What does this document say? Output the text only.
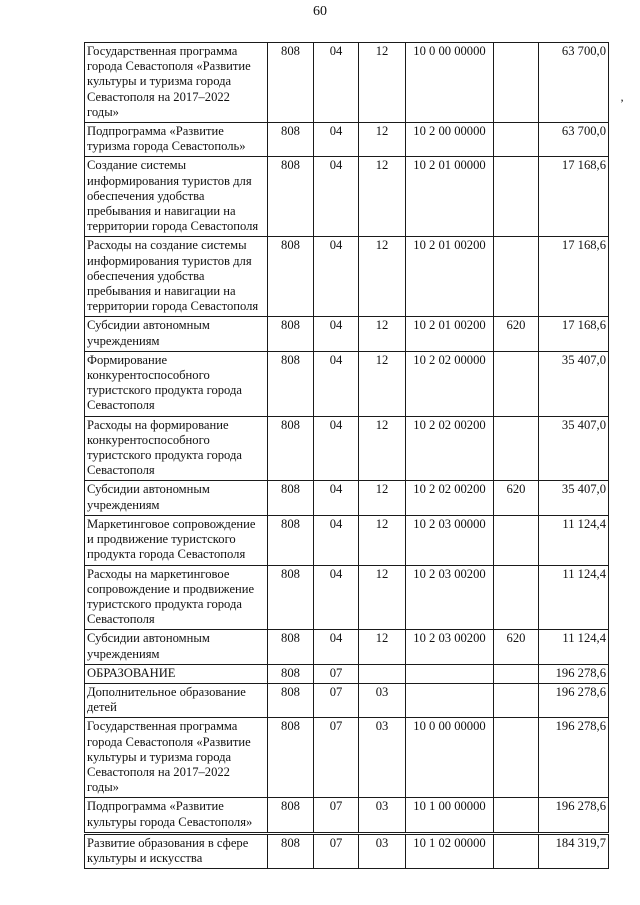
60
’
Государственная программа города Севастополя «Развитие культуры и туризма города Севастополя на 2017–2022 годы»	808	04	12	10 0 00 00000		63 700,0
Подпрограмма «Развитие туризма города Севастополь»	808	04	12	10 2 00 00000		63 700,0
Создание системы информирования туристов для обеспечения удобства пребывания и навигации на территории города Севастополя	808	04	12	10 2 01 00000		17 168,6
Расходы на создание системы информирования туристов для обеспечения удобства пребывания и навигации на территории города Севастополя	808	04	12	10 2 01 00200		17 168,6
Субсидии автономным учреждениям	808	04	12	10 2 01 00200	620	17 168,6
Формирование конкурентоспособного туристского продукта города Севастополя	808	04	12	10 2 02 00000		35 407,0
Расходы на формирование конкурентоспособного туристского продукта города Севастополя	808	04	12	10 2 02 00200		35 407,0
Субсидии автономным учреждениям	808	04	12	10 2 02 00200	620	35 407,0
Маркетинговое сопровождение и продвижение туристского продукта города Севастополя	808	04	12	10 2 03 00000		11 124,4
Расходы на маркетинговое сопровождение и продвижение туристского продукта города Севастополя	808	04	12	10 2 03 00200		11 124,4
Субсидии автономным учреждениям	808	04	12	10 2 03 00200	620	11 124,4
ОБРАЗОВАНИЕ	808	07				196 278,6
Дополнительное образование детей	808	07	03			196 278,6
Государственная программа города Севастополя «Развитие культуры и туризма города Севастополя на 2017–2022 годы»	808	07	03	10 0 00 00000		196 278,6
Подпрограмма «Развитие культуры города Севастополя»	808	07	03	10 1 00 00000		196 278,6

Развитие образования в сфере культуры и искусства	808	07	03	10 1 02 00000		184 319,7
